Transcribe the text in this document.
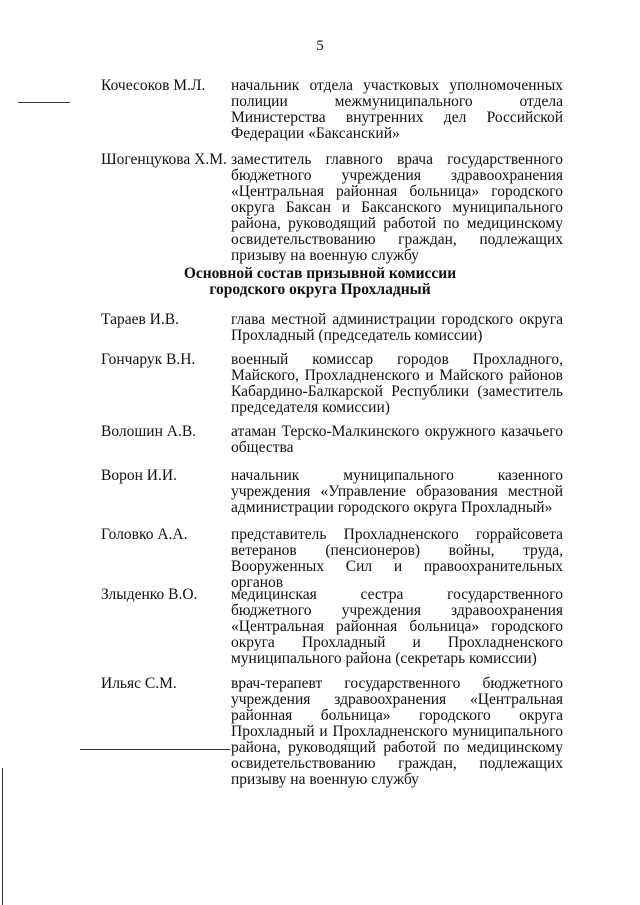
5
Кочесоков М.Л.	начальник отдела участковых уполномоченных полиции межмуниципального отдела Министерства внутренних дел Российской Федерации «Баксанский»
Шогенцукова Х.М. заместитель главного врача государственного бюджетного учреждения здравоохранения «Центральная районная больница» городского округа Баксан и Баксанского муниципального района, руководящий работой по медицинскому освидетельствованию граждан, подлежащих призыву на военную службу
Основной состав призывной комиссии
городского округа Прохладный
Тараев И.В.	глава местной администрации городского округа Прохладный (председатель комиссии)
Гончарук В.Н.	военный комиссар городов Прохладного, Майского, Прохладненского и Майского районов Кабардино-Балкарской Республики (заместитель председателя комиссии)
Волошин А.В.	атаман Терско-Малкинского окружного казачьего общества
Ворон И.И.	начальник муниципального казенного учреждения «Управление образования местной администрации городского округа Прохладный»
Головко А.А.	представитель Прохладненского горрайсовета ветеранов (пенсионеров) войны, труда, Вооруженных Сил и правоохранительных органов
Злыденко В.О.	медицинская сестра государственного бюджетного учреждения здравоохранения «Центральная районная больница» городского округа Прохладный и Прохладненского муниципального района (секретарь комиссии)
Ильяс С.М.	врач-терапевт государственного бюджетного учреждения здравоохранения «Центральная районная больница» городского округа Прохладный и Прохладненского муниципального района, руководящий работой по медицинскому освидетельствованию граждан, подлежащих призыву на военную службу
